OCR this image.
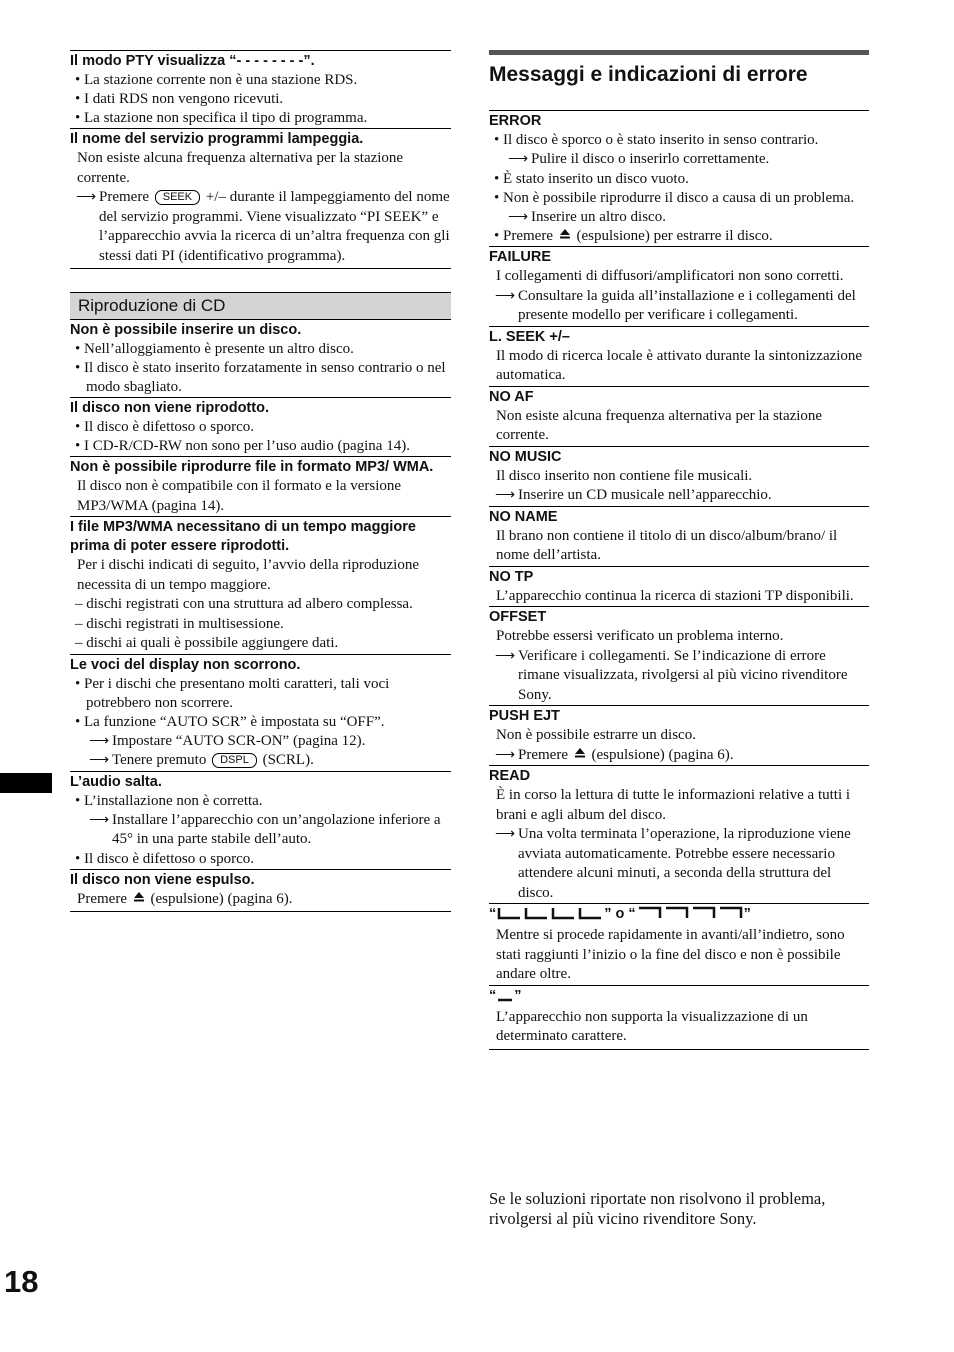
Il modo PTY visualizza “- - - - - - - -”.

• La stazione corrente non è una stazione RDS.

• I dati RDS non vengono ricevuti.

• La stazione non specifica il tipo di programma.

Il nome del servizio programmi lampeggia.

Non esiste alcuna frequenza alternativa per la stazione corrente.

⟶ Premere SEEK +/– durante il lampeggiamento del nome del servizio programmi. Viene visualizzato “PI SEEK” e l’apparecchio avvia la ricerca di un’altra frequenza con gli stessi dati PI (identificativo programma).

Riproduzione di CD

Non è possibile inserire un disco.

• Nell’alloggiamento è presente un altro disco.

• Il disco è stato inserito forzatamente in senso contrario o nel modo sbagliato.

Il disco non viene riprodotto.

• Il disco è difettoso o sporco.

• I CD-R/CD-RW non sono per l’uso audio (pagina 14).

Non è possibile riprodurre file in formato MP3/ WMA.

Il disco non è compatibile con il formato e la versione MP3/WMA (pagina 14).

I file MP3/WMA necessitano di un tempo maggiore prima di poter essere riprodotti.

Per i dischi indicati di seguito, l’avvio della riproduzione necessita di un tempo maggiore.

– dischi registrati con una struttura ad albero complessa.

– dischi registrati in multisessione.

– dischi ai quali è possibile aggiungere dati.

Le voci del display non scorrono.

• Per i dischi che presentano molti caratteri, tali voci potrebbero non scorrere.

• La funzione “AUTO SCR” è impostata su “OFF”.

⟶ Impostare “AUTO SCR-ON” (pagina 12).

⟶ Tenere premuto DSPL (SCRL).

L’audio salta.

• L’installazione non è corretta.

⟶ Installare l’apparecchio con un’angolazione inferiore a 45° in una parte stabile dell’auto.

• Il disco è difettoso o sporco.

Il disco non viene espulso.

Premere (espulsione) (pagina 6).

Messaggi e indicazioni di errore

ERROR

• Il disco è sporco o è stato inserito in senso contrario.

⟶ Pulire il disco o inserirlo correttamente.

• È stato inserito un disco vuoto.

• Non è possibile riprodurre il disco a causa di un problema.

⟶ Inserire un altro disco.

• Premere (espulsione) per estrarre il disco.

FAILURE

I collegamenti di diffusori/amplificatori non sono corretti.

⟶ Consultare la guida all’installazione e i collegamenti del presente modello per verificare i collegamenti.

L. SEEK +/–

Il modo di ricerca locale è attivato durante la sintonizzazione automatica.

NO AF

Non esiste alcuna frequenza alternativa per la stazione corrente.

NO MUSIC

Il disco inserito non contiene file musicali.

⟶ Inserire un CD musicale nell’apparecchio.

NO NAME

Il brano non contiene il titolo di un disco/album/brano/ il nome dell’artista.

NO TP

L’apparecchio continua la ricerca di stazioni TP disponibili.

OFFSET

Potrebbe essersi verificato un problema interno.

⟶ Verificare i collegamenti. Se l’indicazione di errore rimane visualizzata, rivolgersi al più vicino rivenditore Sony.

PUSH EJT

Non è possibile estrarre un disco.

⟶ Premere (espulsione) (pagina 6).

READ

È in corso la lettura di tutte le informazioni relative a tutti i brani e agli album del disco.

⟶ Una volta terminata l’operazione, la riproduzione viene avviata automaticamente. Potrebbe essere necessario attendere alcuni minuti, a seconda della struttura del disco.

“	” o “	”

Mentre si procede rapidamente in avanti/all’indietro, sono stati raggiunti l’inizio o la fine del disco e non è possibile andare oltre.

“ ”

L’apparecchio non supporta la visualizzazione di un determinato carattere.

Se le soluzioni riportate non risolvono il problema, rivolgersi al più vicino rivenditore Sony.
18
